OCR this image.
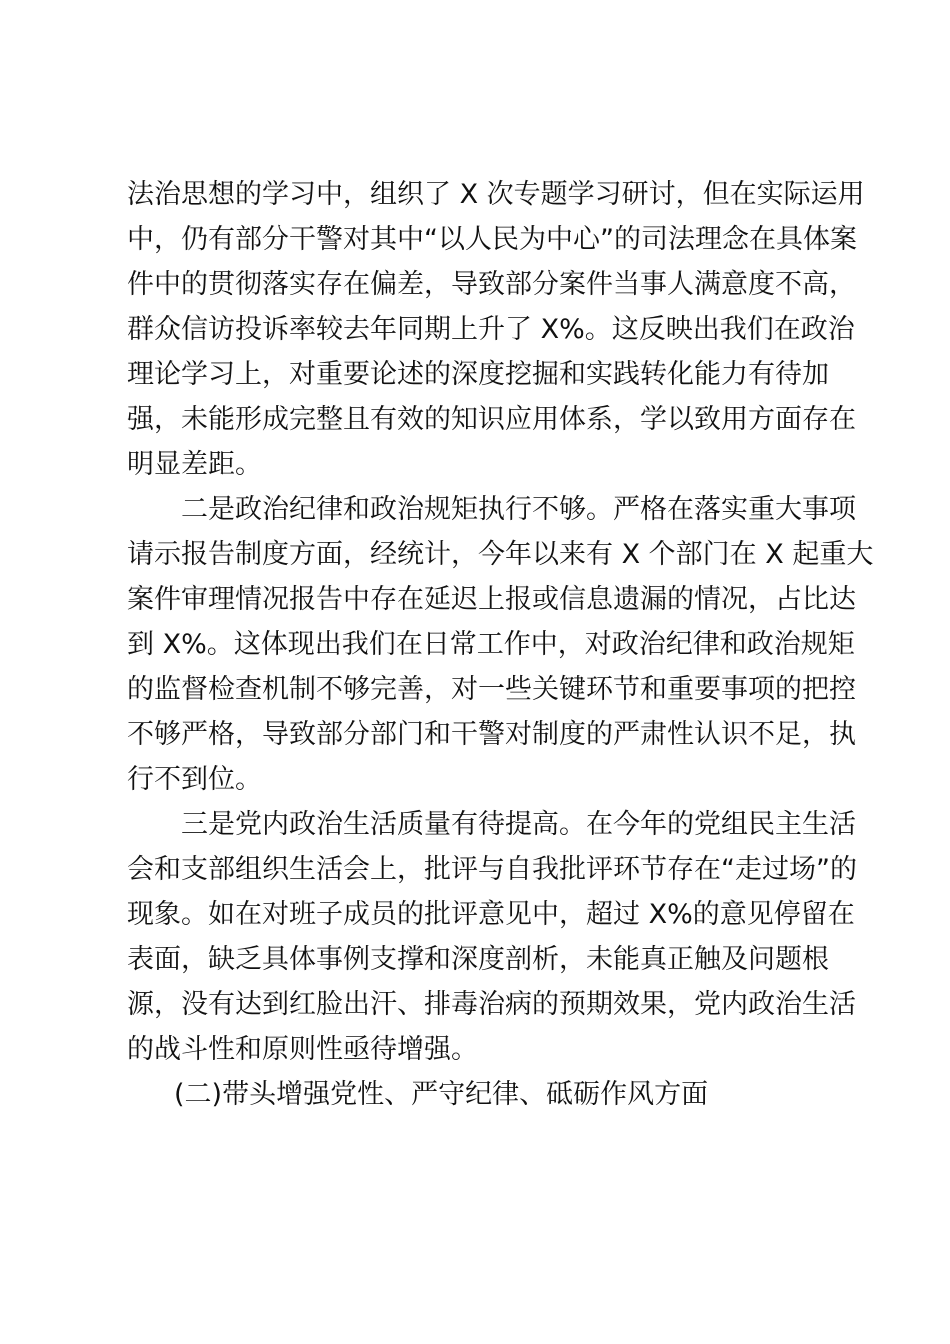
法治思想的学习中，组织了 X 次专题学习研讨，但在实际运用
中，仍有部分干警对其中“以人民为中心”的司法理念在具体案
件中的贯彻落实存在偏差，导致部分案件当事人满意度不高，
群众信访投诉率较去年同期上升了 X%。这反映出我们在政治
理论学习上，对重要论述的深度挖掘和实践转化能力有待加
强，未能形成完整且有效的知识应用体系，学以致用方面存在
明显差距。
二是政治纪律和政治规矩执行不够。严格在落实重大事项
请示报告制度方面，经统计，今年以来有 X 个部门在 X 起重大
案件审理情况报告中存在延迟上报或信息遗漏的情况，占比达
到 X%。这体现出我们在日常工作中，对政治纪律和政治规矩
的监督检查机制不够完善，对一些关键环节和重要事项的把控
不够严格，导致部分部门和干警对制度的严肃性认识不足，执
行不到位。
三是党内政治生活质量有待提高。在今年的党组民主生活
会和支部组织生活会上，批评与自我批评环节存在“走过场”的
现象。如在对班子成员的批评意见中，超过 X%的意见停留在
表面，缺乏具体事例支撑和深度剖析，未能真正触及问题根
源，没有达到红脸出汗、排毒治病的预期效果，党内政治生活
的战斗性和原则性亟待增强。
(二)带头增强党性、严守纪律、砥砺作风方面
